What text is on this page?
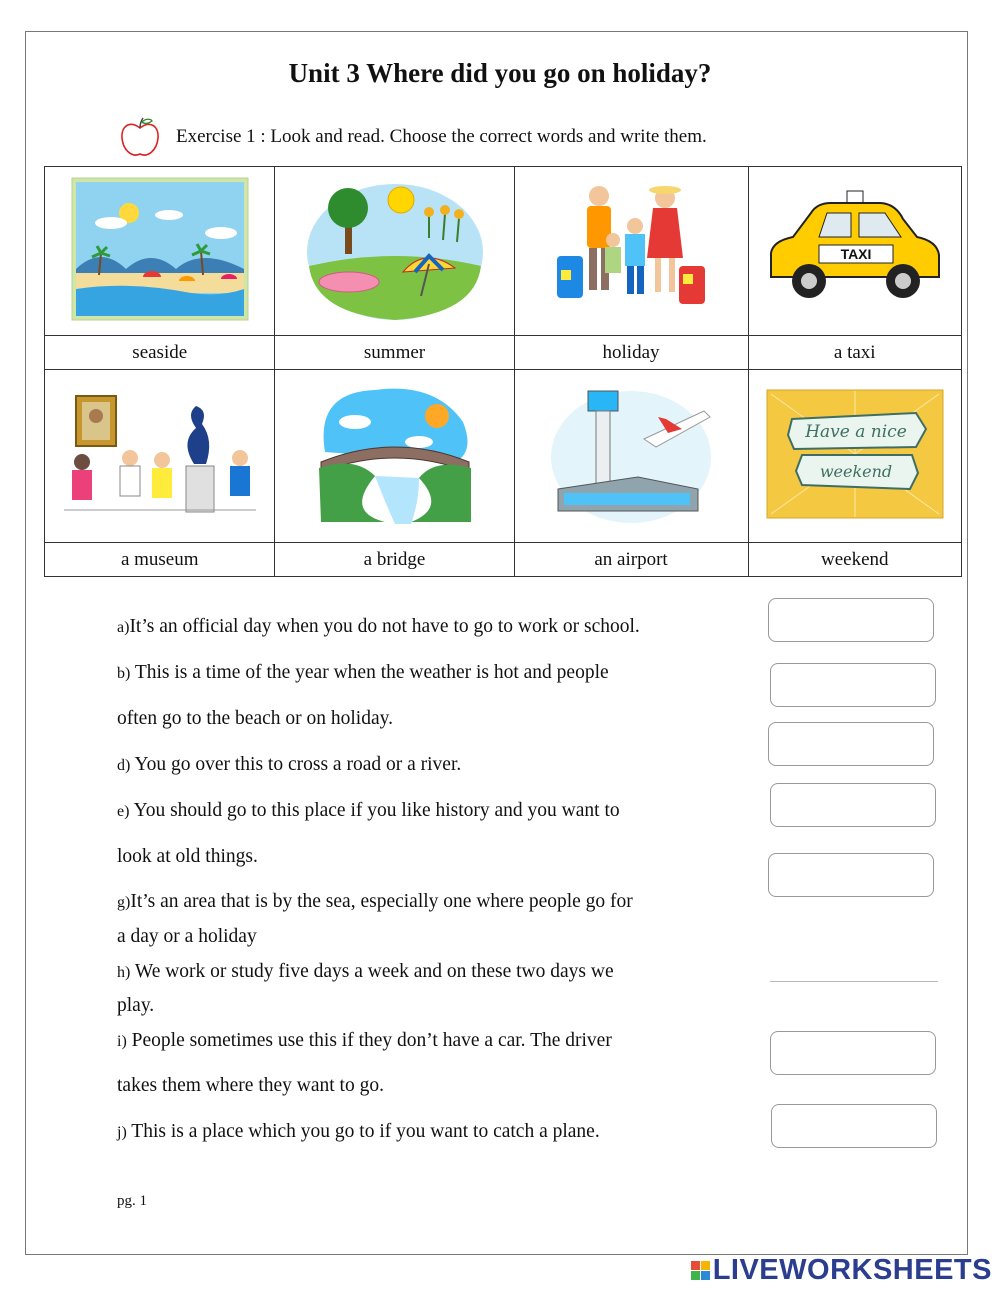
Unit 3 Where did you go on holiday?
Exercise 1 : Look and read. Choose the correct words and write them.

TAXI

seaside	summer	holiday	a taxi

Have a nice
weekend

a museum	a bridge	an airport	weekend
a)It’s an official day when you do not have to go to work or school.
b) This is a time of the year when the weather is hot and people
often go to the beach or on holiday.
d) You go over this to cross a road or a river.
e) You should go to this place if you like history and you want to
look at old things.
g)It’s an area that is by the sea, especially one where people go for
a day or a holiday
h) We work or study five days a week and on these two days we
play.
i) People sometimes use this if they don’t have a car. The driver
takes them where they want to go.
j) This is a place which you go to if you want to catch a plane.
pg. 1
LIVEWORKSHEETS
